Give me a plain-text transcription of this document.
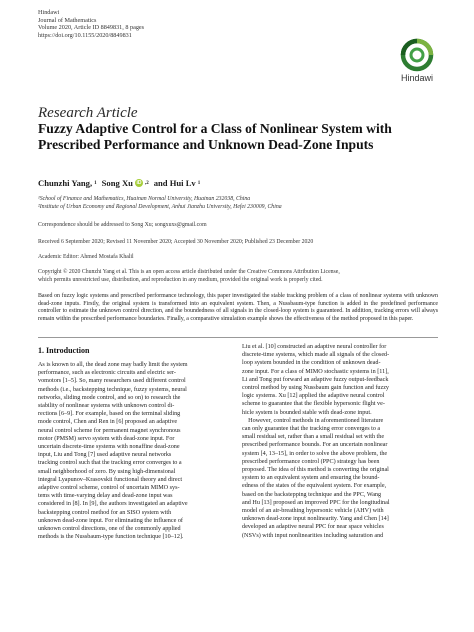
Hindawi
Journal of Mathematics
Volume 2020, Article ID 8849831, 8 pages
https://doi.org/10.1155/2020/8849831
Hindawi
Research Article
Fuzzy Adaptive Control for a Class of Nonlinear System with Prescribed Performance and Unknown Dead-Zone Inputs
Chunzhi Yang, 1 Song Xu iD ,2 and Hui Lv 1
¹School of Finance and Mathematics, Huainan Normal University, Huainan 232038, China
²Institute of Urban Economy and Regional Development, Anhui Jianzhu University, Hefei 230009, China
Correspondence should be addressed to Song Xu; songxuxs@gmail.com
Received 6 September 2020; Revised 11 November 2020; Accepted 30 November 2020; Published 23 December 2020
Academic Editor: Ahmed Mostafa Khalil
Copyright © 2020 Chunzhi Yang et al. This is an open access article distributed under the Creative Commons Attribution License,
which permits unrestricted use, distribution, and reproduction in any medium, provided the original work is properly cited.
Based on fuzzy logic systems and prescribed performance technology, this paper investigated the stable tracking problem of a class of nonlinear systems with unknown dead-zone inputs. Firstly, the original system is transformed into an equivalent system. Then, a Nussbaum-type function is added in the predefined performance controller to estimate the unknown control direction, and the boundedness of all signals in the closed-loop system is guaranteed. In addition, tracking errors will always remain within the prescribed performance boundaries. Finally, a comparative simulation example shows the effectiveness of the method proposed in this paper.
1. Introduction
As is known to all, the dead zone may badly limit the system
performance, such as electronic circuits and electric ser-
vomotors [1–5]. So, many researchers used different control
methods (i.e., backstepping technique, fuzzy systems, neural
networks, sliding mode control, and so on) to research the
stability of nonlinear systems with unknown control di-
rections [6–9]. For example, based on the terminal sliding
mode control, Chen and Ren in [6] proposed an adaptive
neural control scheme for permanent magnet synchronous
motor (PMSM) servo system with dead-zone input. For
uncertain discrete-time systems with nonaffine dead-zone
input, Liu and Tong [7] used adaptive neural networks
tracking control such that the tracking error converges to a
small neighborhood of zero. By using high-dimensional
integral Lyapunov–Krasovskii functional theory and direct
adaptive control scheme, control of uncertain MIMO sys-
tems with time-varying delay and dead-zone input was
considered in [8]. In [9], the authors investigated an adaptive
backstepping control method for an SISO system with
unknown dead-zone input. For eliminating the influence of
unknown control directions, one of the commonly applied
methods is the Nussbaum-type function technique [10–12].
Liu et al. [10] constructed an adaptive neural controller for
discrete-time systems, which made all signals of the closed-
loop system bounded in the condition of unknown dead-
zone input. For a class of MIMO stochastic systems in [11],
Li and Tong put forward an adaptive fuzzy output-feedback
control method by using Nussbaum gain function and fuzzy
logic systems. Xu [12] applied the adaptive neural control
scheme to guarantee that the flexible hypersonic flight ve-
hicle system is bounded stable with dead-zone input.
However, control methods in aforementioned literature
can only guarantee that the tracking error converges to a
small residual set, rather than a small residual set with the
prescribed performance bounds. For an uncertain nonlinear
system [4, 13–15], in order to solve the above problem, the
prescribed performance control (PPC) strategy has been
proposed. The idea of this method is converting the original
system to an equivalent system and ensuring the bound-
edness of the states of the equivalent system. For example,
based on the backstepping technique and the PPC, Wang
and Hu [13] proposed an improved PPC for the longitudinal
model of an air-breathing hypersonic vehicle (AHV) with
unknown dead-zone input nonlinearity. Yang and Chen [14]
developed an adaptive neural PPC for near space vehicles
(NSVs) with input nonlinearities including saturation and
